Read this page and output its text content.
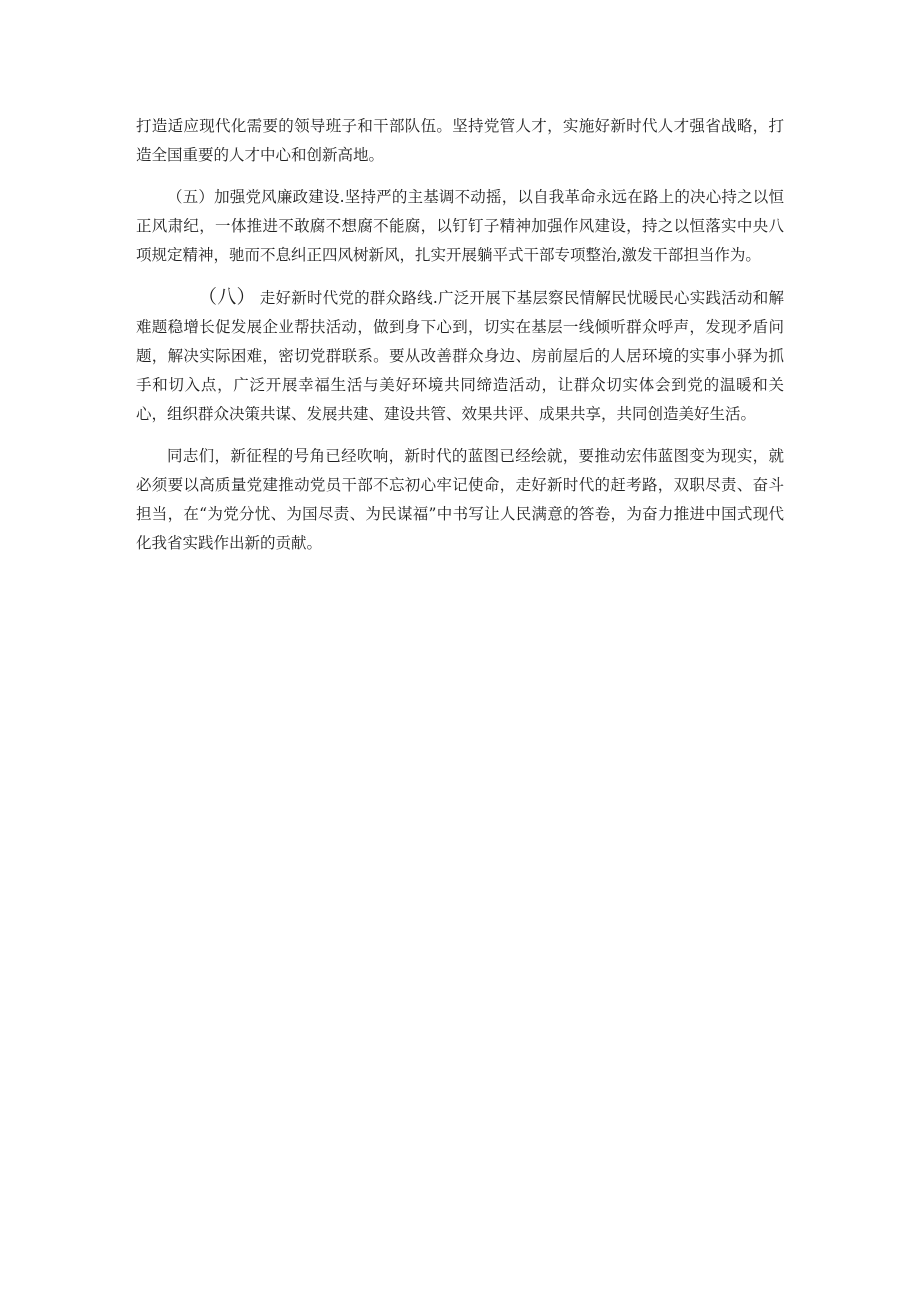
打造适应现代化需要的领导班子和干部队伍。坚持党管人才，实施好新时代人才强省战略，打造全国重要的人才中心和创新高地。

（五）加强党风廉政建设.坚持严的主基调不动摇，以自我革命永远在路上的决心持之以恒正风肃纪，一体推进不敢腐不想腐不能腐，以钉钉子精神加强作风建设，持之以恒落实中央八项规定精神，驰而不息纠正四风树新风，扎实开展躺平式干部专项整治,激发干部担当作为。

（八） 走好新时代党的群众路线.广泛开展下基层察民情解民忧暖民心实践活动和解难题稳增长促发展企业帮扶活动，做到身下心到，切实在基层一线倾听群众呼声，发现矛盾问题，解决实际困难，密切党群联系。要从改善群众身边、房前屋后的人居环境的实事小驿为抓手和切入点，广泛开展幸福生活与美好环境共同缔造活动，让群众切实体会到党的温暖和关心，组织群众决策共谋、发展共建、建设共管、效果共评、成果共享，共同创造美好生活。

同志们，新征程的号角已经吹响，新时代的蓝图已经绘就，要推动宏伟蓝图变为现实，就必须要以高质量党建推动党员干部不忘初心牢记使命，走好新时代的赶考路，双职尽责、奋斗担当，在“为党分忧、为国尽责、为民谋福”中书写让人民满意的答卷，为奋力推进中国式现代化我省实践作出新的贡献。
